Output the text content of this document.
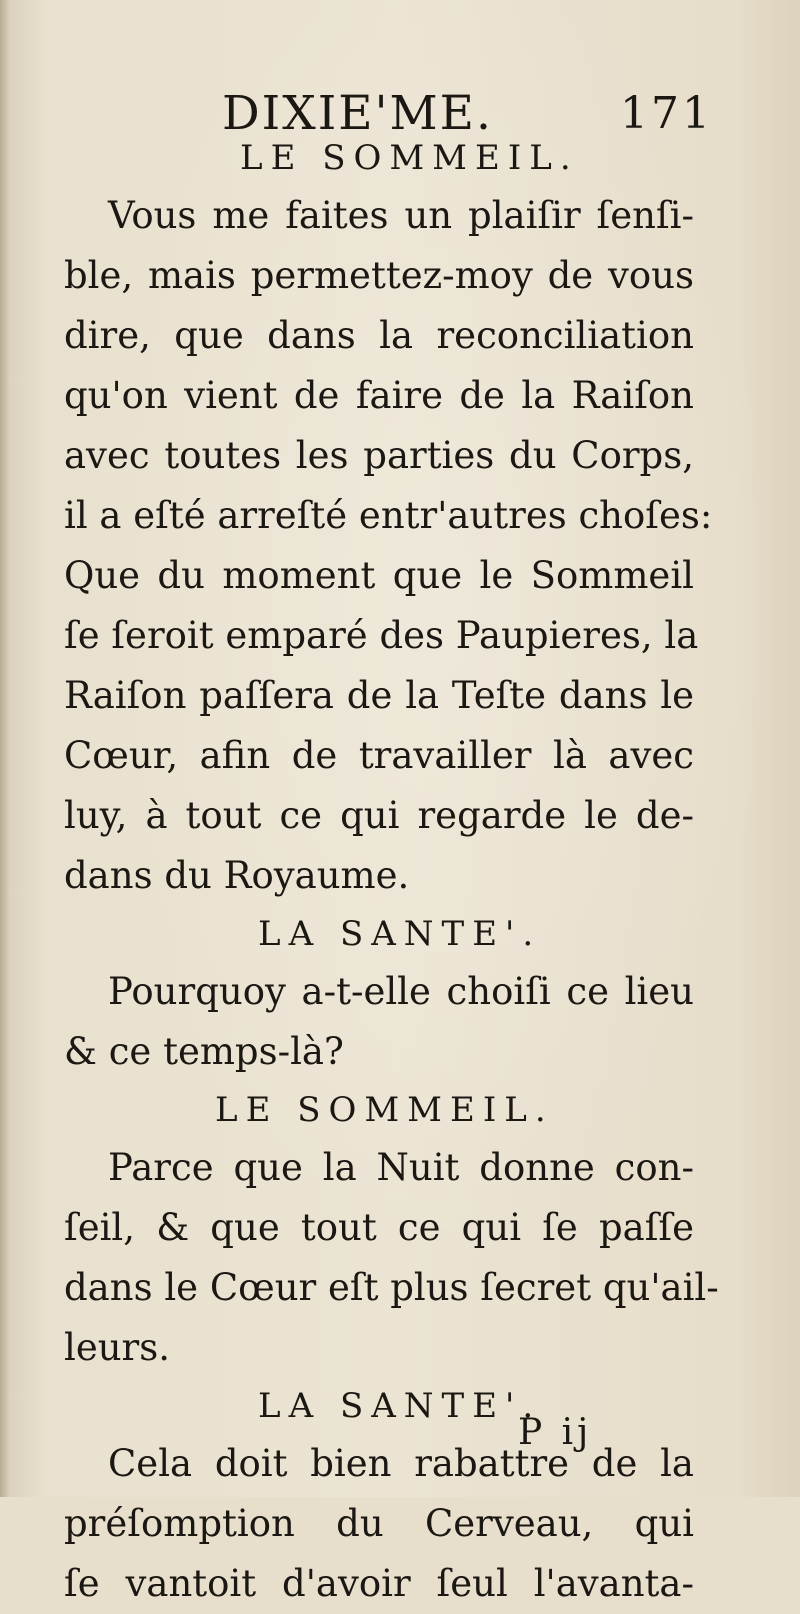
DIXIE'ME.	171

LE SOMMEIL.

Vous me faites un plaiſir ſenſi-

ble, mais permettez-moy de vous

dire, que dans la reconciliation

qu'on vient de faire de la Raiſon

avec toutes les parties du Corps,

il a eſté arreſté entr'autres choſes:

Que du moment que le Sommeil

ſe ſeroit emparé des Paupieres, la

Raiſon paſſera de la Teſte dans le

Cœur, afin de travailler là avec

luy, à tout ce qui regarde le de-

dans du Royaume.

LA SANTE'.

Pourquoy a-t-elle choiſi ce lieu

& ce temps-là?

LE SOMMEIL.

Parce que la Nuit donne con-

ſeil, & que tout ce qui ſe paſſe

dans le Cœur eſt plus ſecret qu'ail-

leurs.

LA SANTE'.

Cela doit bien rabattre de la

préſomption du Cerveau, qui

ſe vantoit d'avoir ſeul l'avanta-

P ij
